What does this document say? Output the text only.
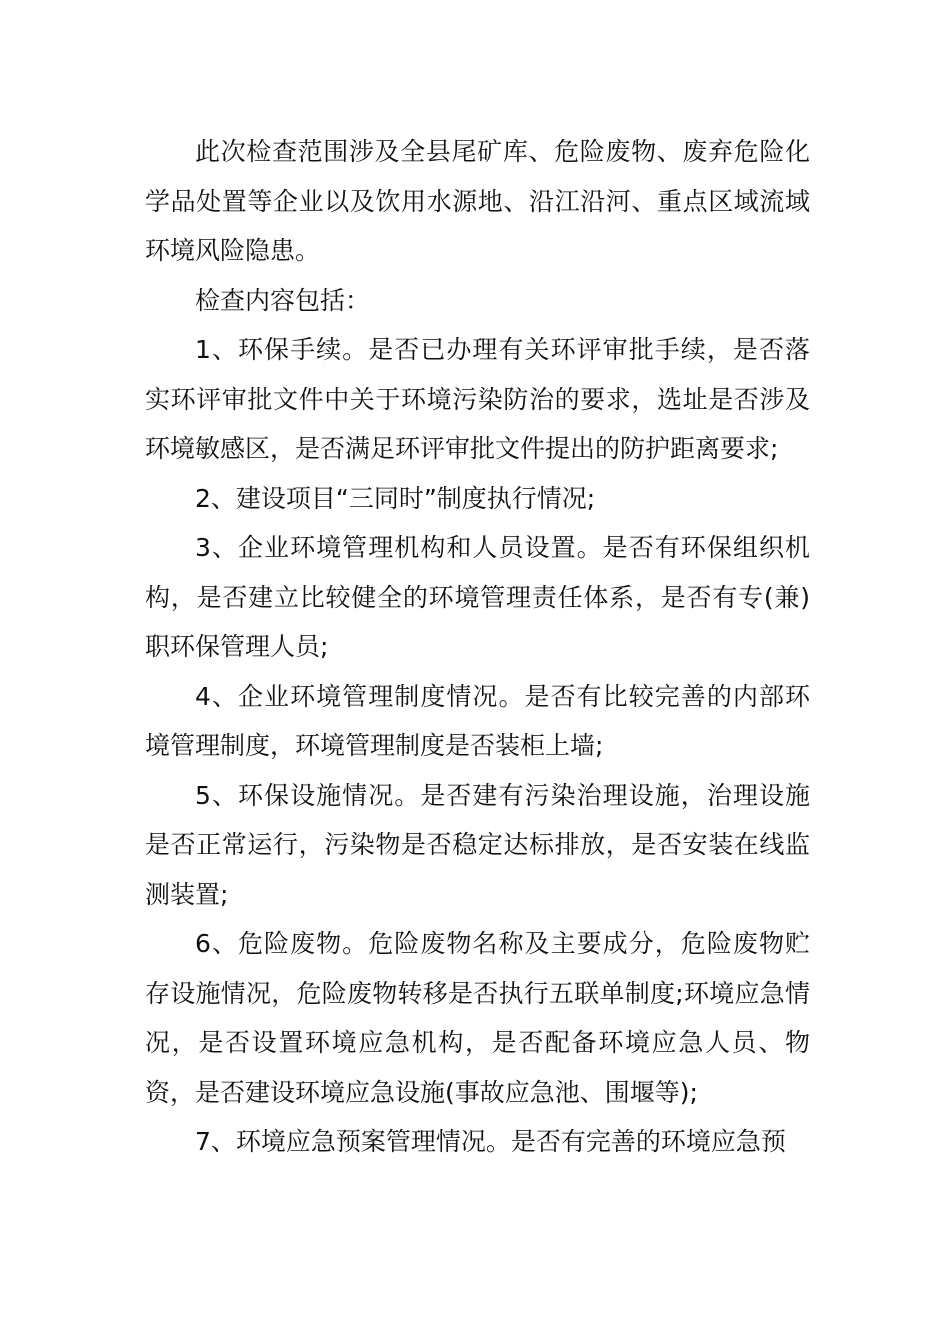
此次检查范围涉及全县尾矿库、危险废物、废弃危险化学品处置等企业以及饮用水源地、沿江沿河、重点区域流域环境风险隐患。

检查内容包括：

1、环保手续。是否已办理有关环评审批手续，是否落实环评审批文件中关于环境污染防治的要求，选址是否涉及环境敏感区，是否满足环评审批文件提出的防护距离要求;

2、建设项目“三同时”制度执行情况;

3、企业环境管理机构和人员设置。是否有环保组织机构，是否建立比较健全的环境管理责任体系，是否有专(兼)职环保管理人员;

4、企业环境管理制度情况。是否有比较完善的内部环境管理制度，环境管理制度是否装柜上墙;

5、环保设施情况。是否建有污染治理设施，治理设施是否正常运行，污染物是否稳定达标排放，是否安装在线监测装置;

6、危险废物。危险废物名称及主要成分，危险废物贮存设施情况，危险废物转移是否执行五联单制度;环境应急情况，是否设置环境应急机构，是否配备环境应急人员、物资，是否建设环境应急设施(事故应急池、围堰等);

7、环境应急预案管理情况。是否有完善的环境应急预
